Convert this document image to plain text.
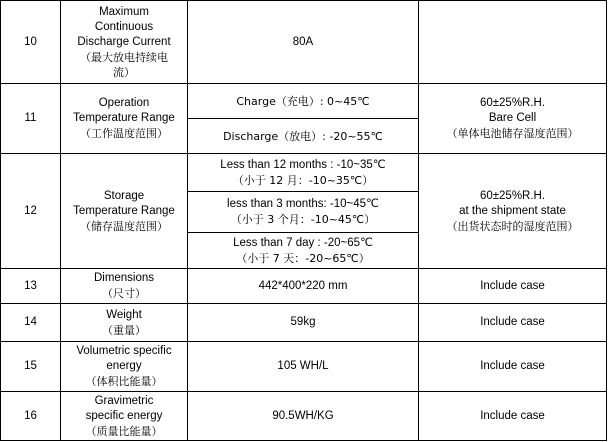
10	Maximum
Continuous
Discharge Current
（最大放电持续电
流）	80A	
11	Operation
Temperature Range
（工作温度范围）	Charge（充电）: 0~45℃	60±25%R.H.
Bare Cell
（单体电池储存湿度范围）

		Discharge（放电）: -20~55℃	
12	Storage
Temperature Range
（储存温度范围）	Less than 12 months : -10~35℃
（小于 12 月：-10~35℃）	60±25%R.H.
at the shipment state
（出货状态时的湿度范围）

		less than 3 months: -10~45℃
（小于 3 个月：-10~45℃）	

		Less than 7 day : -20~65℃
（小于 7 天：-20~65℃）	

13	Dimensions
（尺寸）	442*400*220 mm	Include case
14	Weight
（重量）	59kg	Include case
15	Volumetric specific
energy
（体积比能量）	105 WH/L	Include case
16	Gravimetric
specific energy
（质量比能量）	90.5WH/KG	Include case
